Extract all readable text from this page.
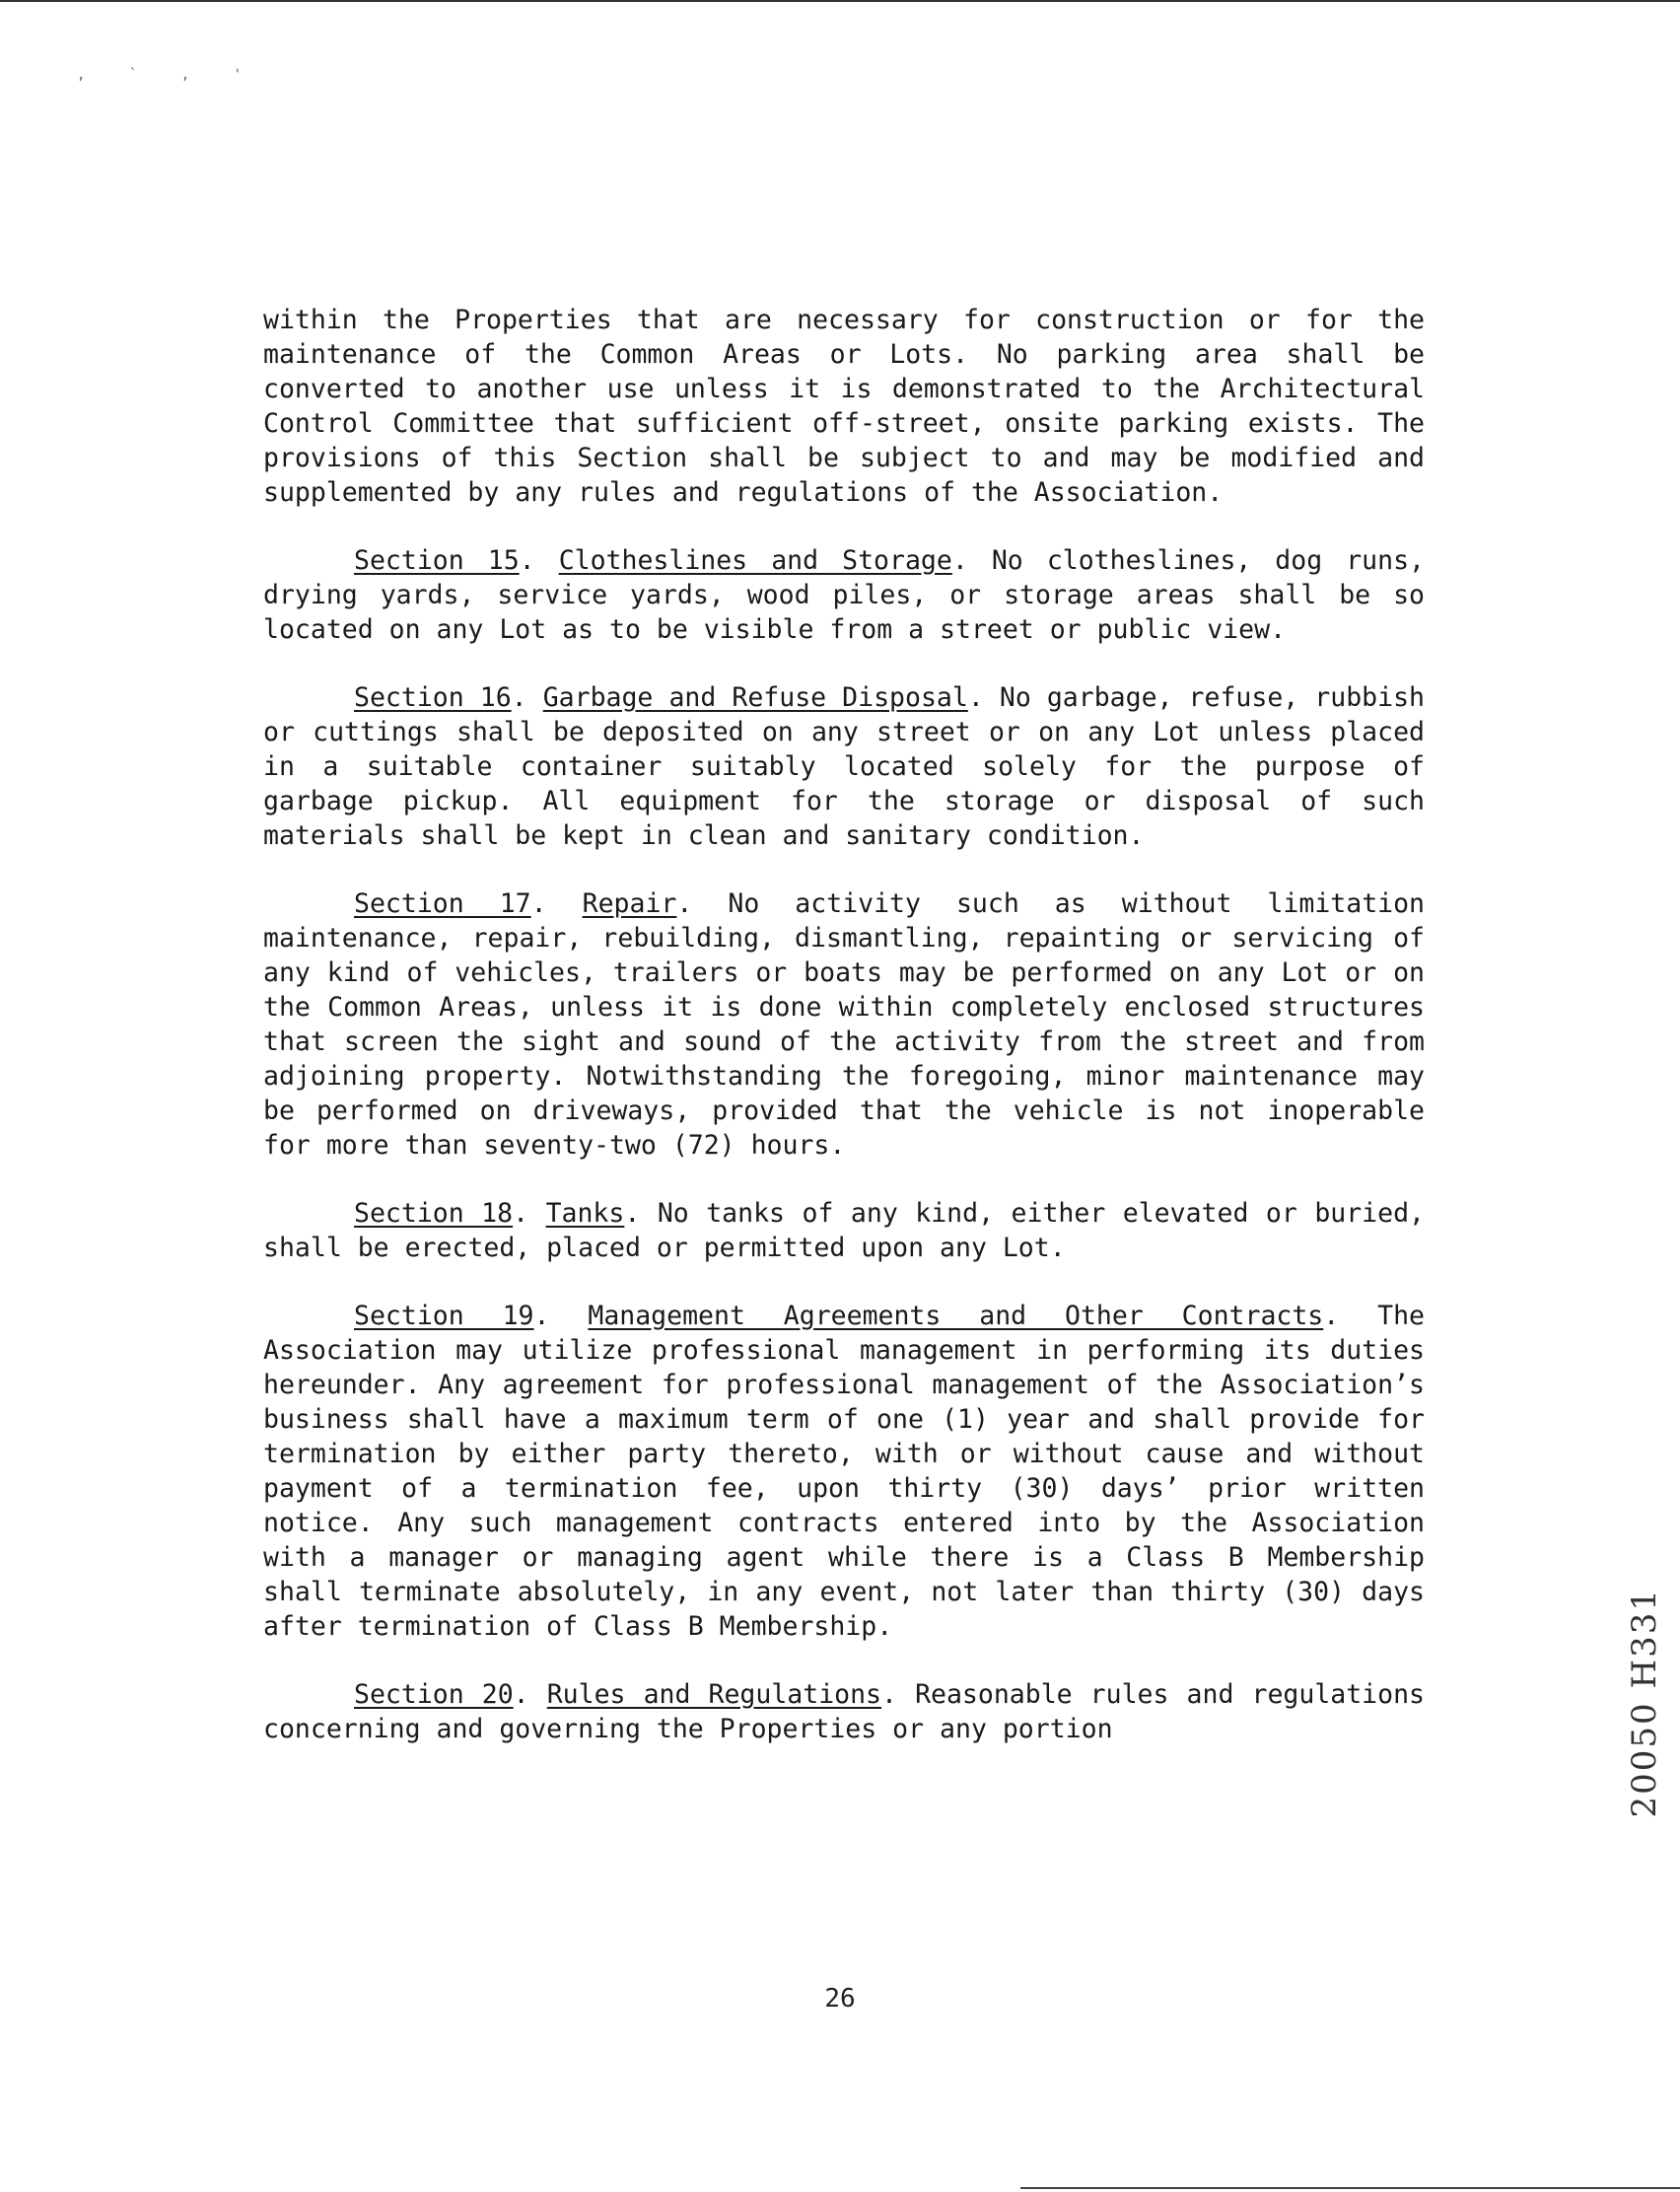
, ` , '

within the Properties that are necessary for construction or for the maintenance of the Common Areas or Lots. No parking area shall be converted to another use unless it is demonstrated to the Architectural Control Committee that sufficient off-street, onsite parking exists. The provisions of this Section shall be subject to and may be modified and supplemented by any rules and regulations of the Association.

Section 15. Clotheslines and Storage. No clotheslines, dog runs, drying yards, service yards, wood piles, or storage areas shall be so located on any Lot as to be visible from a street or public view.

Section 16. Garbage and Refuse Disposal. No garbage, refuse, rubbish or cuttings shall be deposited on any street or on any Lot unless placed in a suitable container suitably located solely for the purpose of garbage pickup. All equipment for the storage or disposal of such materials shall be kept in clean and sanitary condition.

Section 17. Repair. No activity such as without limitation maintenance, repair, rebuilding, dismantling, repainting or servicing of any kind of vehicles, trailers or boats may be performed on any Lot or on the Common Areas, unless it is done within completely enclosed structures that screen the sight and sound of the activity from the street and from adjoining property. Notwithstanding the foregoing, minor maintenance may be performed on driveways, provided that the vehicle is not inoperable for more than seventy-two (72) hours.

Section 18. Tanks. No tanks of any kind, either elevated or buried, shall be erected, placed or permitted upon any Lot.

Section 19. Management Agreements and Other Contracts. The Association may utilize professional management in performing its duties hereunder. Any agreement for professional management of the Association’s business shall have a maximum term of one (1) year and shall provide for termination by either party thereto, with or without cause and without payment of a termination fee, upon thirty (30) days’ prior written notice. Any such management contracts entered into by the Association with a manager or managing agent while there is a Class B Membership shall terminate absolutely, in any event, not later than thirty (30) days after termination of Class B Membership.

Section 20. Rules and Regulations. Reasonable rules and regulations concerning and governing the Properties or any portion

26
20050 H331
